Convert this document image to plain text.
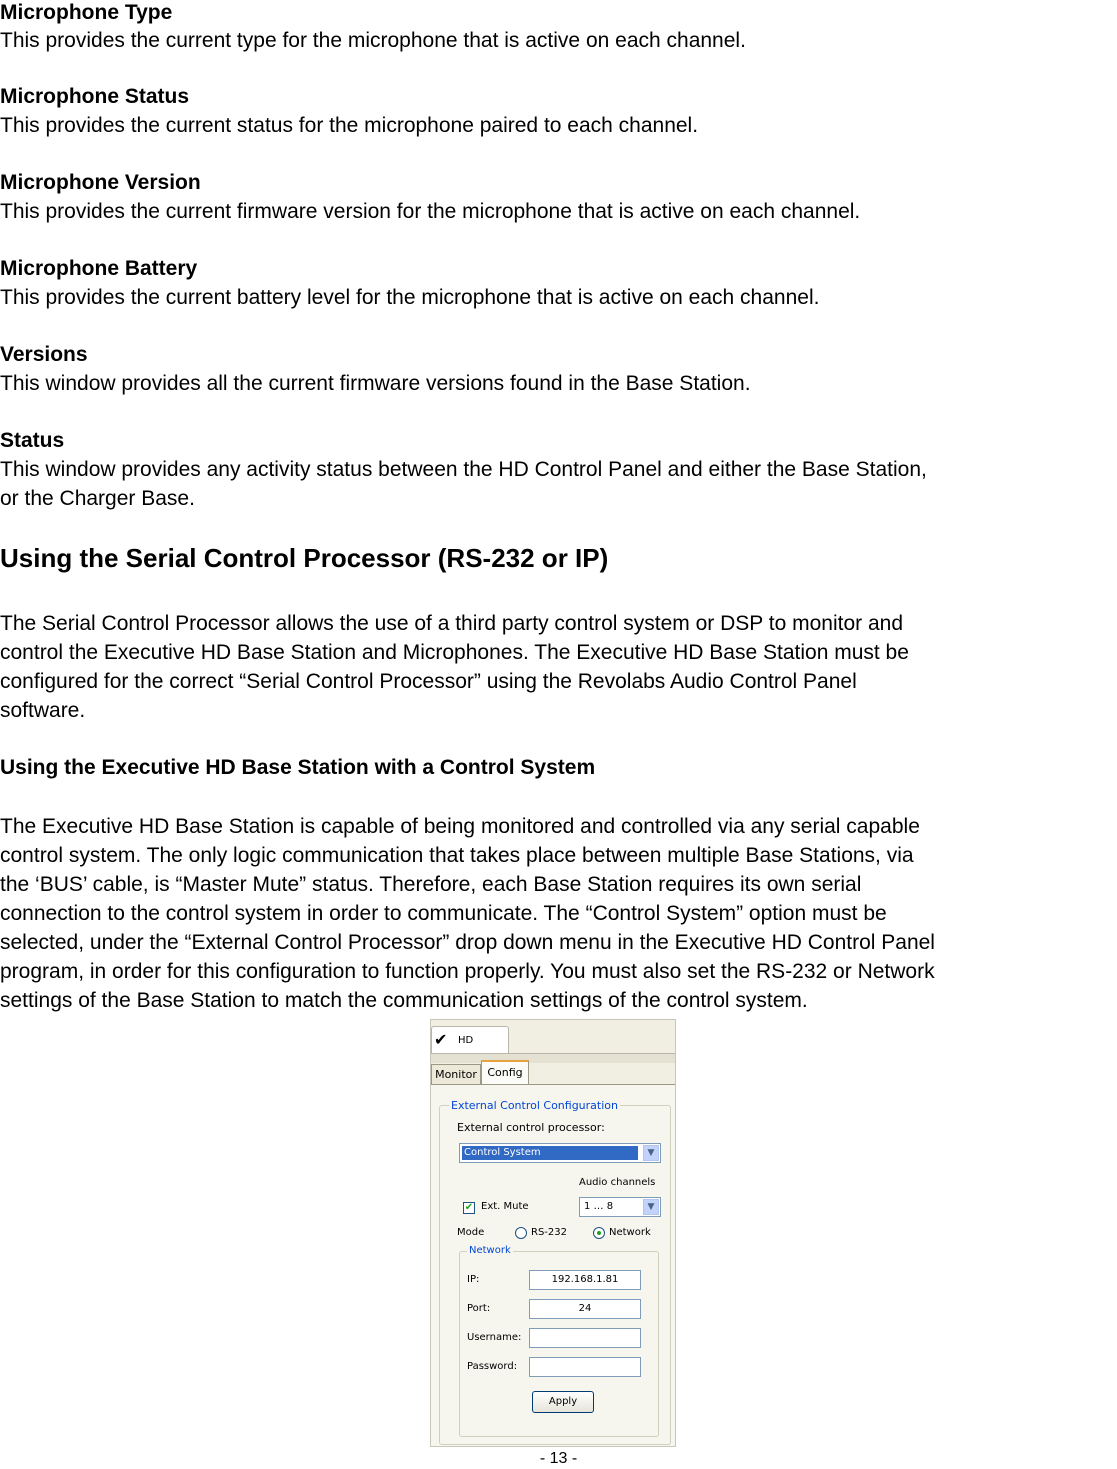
Microphone Type
This provides the current type for the microphone that is active on each channel.
Microphone Status
This provides the current status for the microphone paired to each channel.
Microphone Version
This provides the current firmware version for the microphone that is active on each channel.
Microphone Battery
This provides the current battery level for the microphone that is active on each channel.
Versions
This window provides all the current firmware versions found in the Base Station.
Status
This window provides any activity status between the HD Control Panel and either the Base Station,
or the Charger Base.
Using the Serial Control Processor (RS-232 or IP)
The Serial Control Processor allows the use of a third party control system or DSP to monitor and
control the Executive HD Base Station and Microphones. The Executive HD Base Station must be
configured for the correct “Serial Control Processor” using the Revolabs Audio Control Panel
software.
Using the Executive HD Base Station with a Control System
The Executive HD Base Station is capable of being monitored and controlled via any serial capable
control system. The only logic communication that takes place between multiple Base Stations, via
the ‘BUS’ cable, is “Master Mute” status. Therefore, each Base Station requires its own serial
connection to the control system in order to communicate. The “Control System” option must be
selected, under the “External Control Processor” drop down menu in the Executive HD Control Panel
program, in order for this configuration to function properly. You must also set the RS-232 or Network
settings of the Base Station to match the communication settings of the control system.
✔ HD
Monitor Config
External Control Configuration
External control processor:
Control System	▼
Audio channels
1 … 8	▼
✔ Ext. Mute
Mode	RS-232	Network
Network
IP:	192.168.1.81
Port:	24
Username:
Password:
Apply
- 13 -
